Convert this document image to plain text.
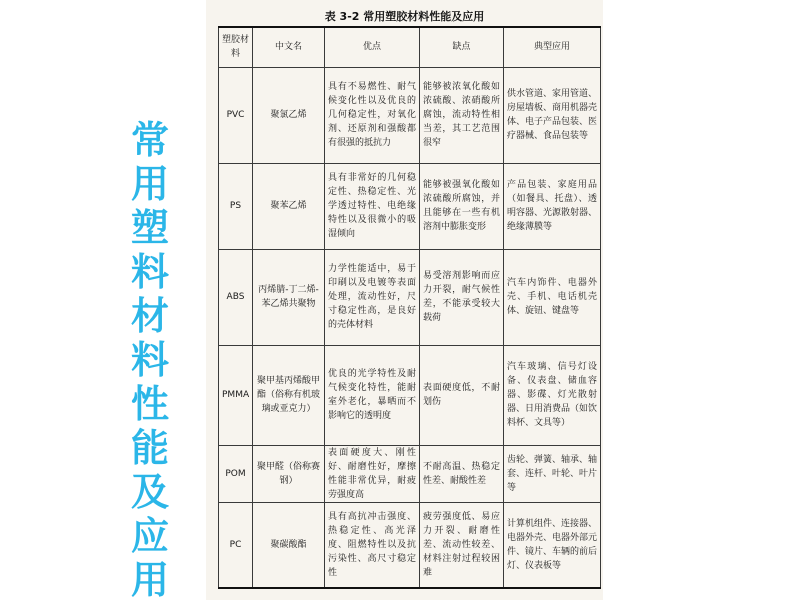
常
用
塑
料
材
料
性
能
及
应
用
表 3-2 常用塑胶材料性能及应用
塑胶材料	中文名	优点	缺点	典型应用
PVC	聚氯乙烯	具有不易燃性、耐气候变化性以及优良的几何稳定性，对氧化剂、还原剂和强酸都有很强的抵抗力	能够被浓氧化酸如浓硫酸、浓硝酸所腐蚀，流动特性相当差，其工艺范围很窄	供水管道、家用管道、房屋墙板、商用机器壳体、电子产品包装、医疗器械、食品包装等
PS	聚苯乙烯	具有非常好的几何稳定性、热稳定性、光学透过特性、电绝缘特性以及很微小的吸湿倾向	能够被强氧化酸如浓硫酸所腐蚀，并且能够在一些有机溶剂中膨胀变形	产品包装、家庭用品（如餐具、托盘）、透明容器、光源散射器、绝缘薄膜等
ABS	丙烯腈-丁二烯-苯乙烯共聚物	力学性能适中，易于印刷以及电镀等表面处理，流动性好，尺寸稳定性高，是良好的壳体材料	易受溶剂影响而应力开裂，耐气候性差，不能承受较大载荷	汽车内饰件、电器外壳、手机、电话机壳体、旋钮、键盘等
PMMA	聚甲基丙烯酸甲酯（俗称有机玻璃或亚克力）	优良的光学特性及耐气候变化特性，能耐室外老化，暴晒而不影响它的透明度	表面硬度低，不耐划伤	汽车玻璃、信号灯设备、仪表盘、储血容器、影碟、灯光散射器、日用消费品（如饮料杯、文具等）
POM	聚甲醛（俗称赛钢）	表面硬度大、刚性好、耐磨性好，摩擦性能非常优异，耐疲劳强度高	不耐高温、热稳定性差、耐酸性差	齿轮、弹簧、轴承、轴套、连杆、叶轮、叶片等
PC	聚碳酸酯	具有高抗冲击强度、热稳定性、高光泽度、阻燃特性以及抗污染性、高尺寸稳定性	疲劳强度低、易应力开裂、耐磨性差、流动性较差、材料注射过程较困难	计算机组件、连接器、电器外壳、电器外部元件、镜片、车辆的前后灯、仪表板等
